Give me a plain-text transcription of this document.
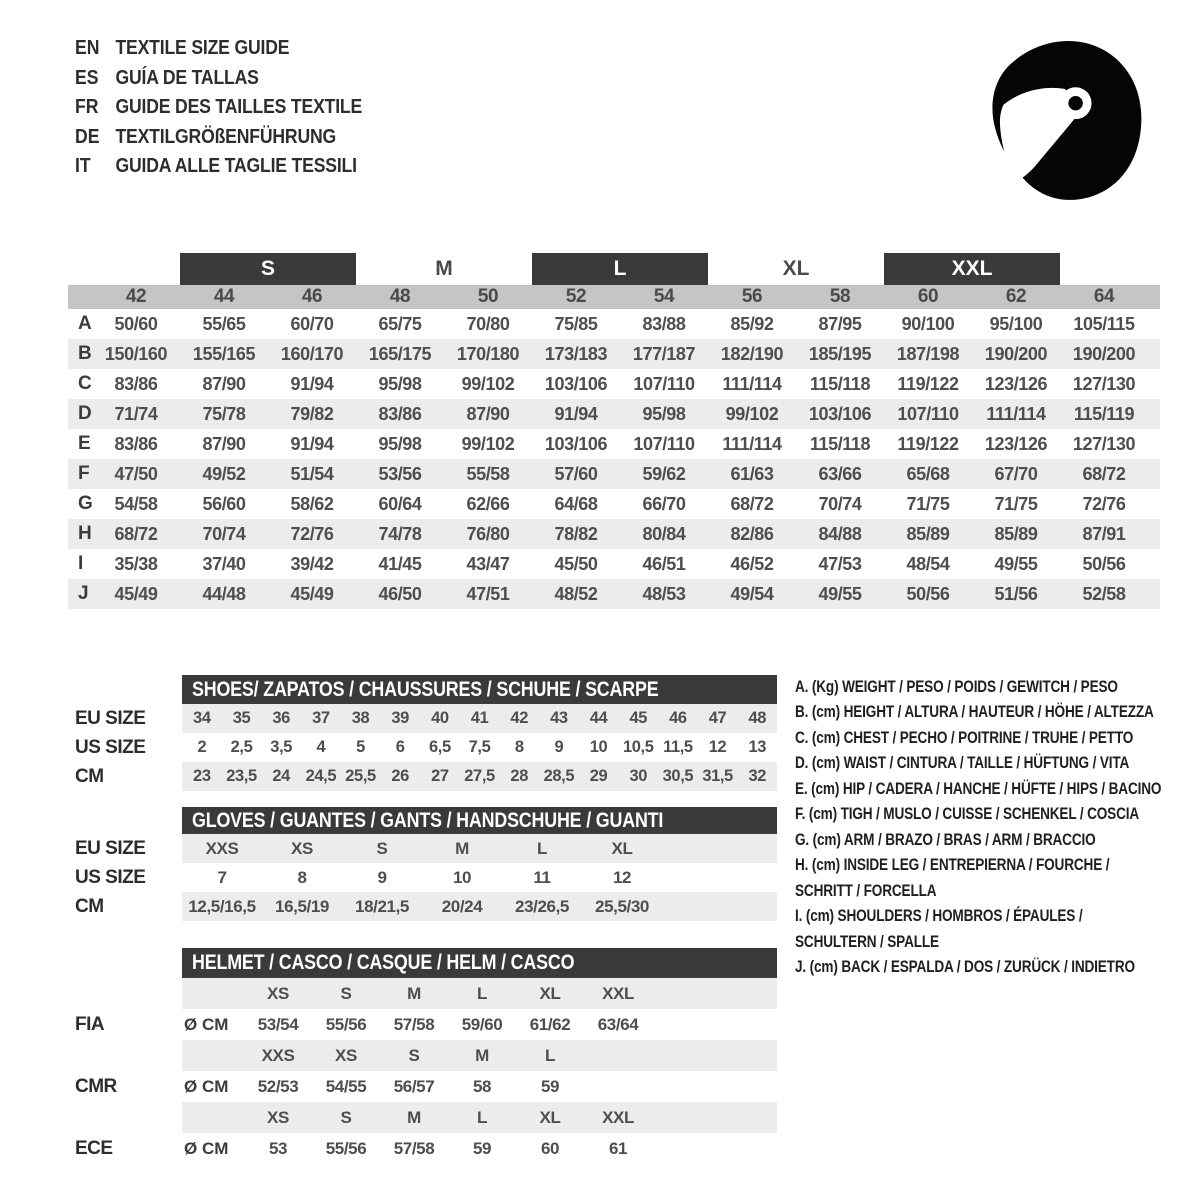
EN TEXTILE SIZE GUIDE
ES GUÍA DE TALLAS
FR GUIDE DES TAILLES TEXTILE
DE TEXTILGRÖßENFÜHRUNG
IT	GUIDA ALLE TAGLIE TESSILI
S	M	L	XL	XXL
42	44	46	48	50	52	54	56	58	60	62	64
A	50/60	55/65	60/70	65/75	70/80	75/85	83/88	85/92	87/95	90/100	95/100	105/115
B 150/160	155/165	160/170	165/175	170/180	173/183	177/187	182/190	185/195	187/198	190/200	190/200
C	83/86	87/90	91/94	95/98	99/102	103/106	107/110	111/114	115/118	119/122	123/126	127/130
D	71/74	75/78	79/82	83/86	87/90	91/94	95/98	99/102	103/106	107/110	111/114	115/119
E	83/86	87/90	91/94	95/98	99/102	103/106	107/110	111/114	115/118	119/122	123/126	127/130
F	47/50	49/52	51/54	53/56	55/58	57/60	59/62	61/63	63/66	65/68	67/70	68/72
G	54/58	56/60	58/62	60/64	62/66	64/68	66/70	68/72	70/74	71/75	71/75	72/76
H	68/72	70/74	72/76	74/78	76/80	78/82	80/84	82/86	84/88	85/89	85/89	87/91
I	35/38	37/40	39/42	41/45	43/47	45/50	46/51	46/52	47/53	48/54	49/55	50/56
J	45/49	44/48	45/49	46/50	47/51	48/52	48/53	49/54	49/55	50/56	51/56	52/58
SHOES/ ZAPATOS / CHAUSSURES / SCHUHE / SCARPE
EU SIZE	34	35	36	37	38	39	40	41	42	43	44	45	46	47	48
US SIZE	2	2,5	3,5	4	5	6	6,5	7,5	8	9	10 10,5 11,5 12	13
CM	23 23,5 24 24,5 25,5 26	27 27,5 28 28,5 29	30 30,5 31,5 32
GLOVES / GUANTES / GANTS / HANDSCHUHE / GUANTI
EU SIZE	XXS	XS	S	M	L	XL
US SIZE	7	8	9	10	11	12
CM	12,5/16,5	16,5/19	18/21,5	20/24	23/26,5	25,5/30
HELMET / CASCO / CASQUE / HELM / CASCO
XS	S	M	L	XL	XXL
FIA	Ø CM	53/54	55/56	57/58	59/60	61/62	63/64
XXS	XS	S	M	L
CMR	Ø CM	52/53	54/55	56/57	58	59
XS	S	M	L	XL	XXL
ECE	Ø CM	53	55/56	57/58	59	60	61
A. (Kg) WEIGHT / PESO / POIDS / GEWITCH / PESO
B. (cm) HEIGHT / ALTURA / HAUTEUR / HÖHE / ALTEZZA
C. (cm) CHEST / PECHO / POITRINE / TRUHE / PETTO
D. (cm) WAIST / CINTURA / TAILLE / HÜFTUNG / VITA
E. (cm) HIP / CADERA / HANCHE / HÜFTE / HIPS / BACINO
F. (cm) TIGH / MUSLO / CUISSE / SCHENKEL / COSCIA
G. (cm) ARM / BRAZO / BRAS / ARM / BRACCIO
H. (cm) INSIDE LEG / ENTREPIERNA / FOURCHE /
SCHRITT / FORCELLA
I. (cm) SHOULDERS / HOMBROS / ÉPAULES /
SCHULTERN / SPALLE
J. (cm) BACK / ESPALDA / DOS / ZURÜCK / INDIETRO
